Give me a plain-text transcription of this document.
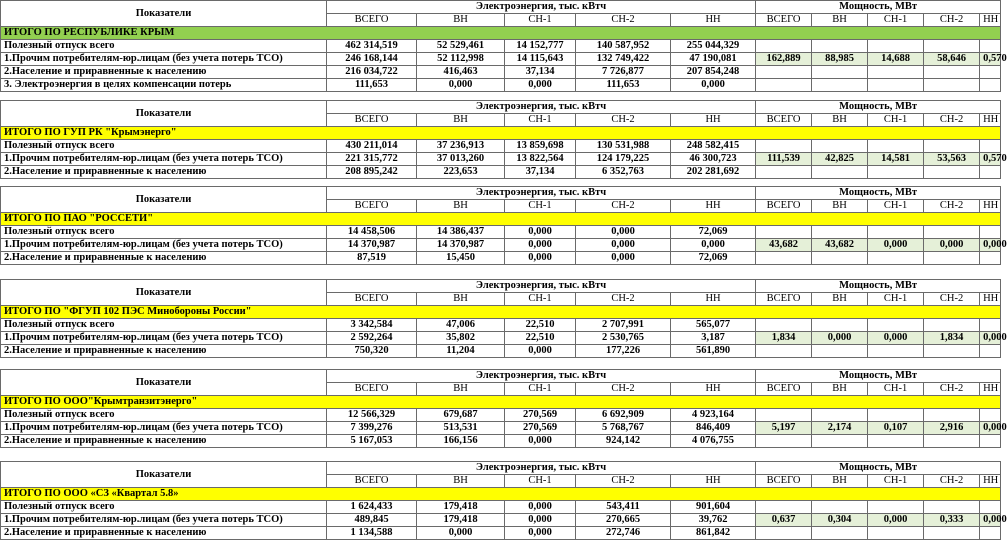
Показатели	Электроэнергия, тыс. кВтч					Мощность, МВт				
	ВСЕГО	ВН	СН-1	СН-2	НН	ВСЕГО	ВН	СН-1	СН-2	НН
ИТОГО ПО РЕСПУБЛИКЕ КРЫМ										
Полезный отпуск всего	462 314,519	52 529,461	14 152,777	140 587,952	255 044,329					
1.Прочим потребителям-юр.лицам (без учета потерь ТСО)	246 168,144	52 112,998	14 115,643	132 749,422	47 190,081	162,889	88,985	14,688	58,646	0,570
2.Население и приравненные к населению	216 034,722	416,463	37,134	7 726,877	207 854,248					
3. Электроэнергия в целях компенсации потерь	111,653	0,000	0,000	111,653	0,000					
Показатели	Электроэнергия, тыс. кВтч					Мощность, МВт				
	ВСЕГО	ВН	СН-1	СН-2	НН	ВСЕГО	ВН	СН-1	СН-2	НН
ИТОГО ПО ГУП РК "Крымэнерго"										
Полезный отпуск всего	430 211,014	37 236,913	13 859,698	130 531,988	248 582,415					
1.Прочим потребителям-юр.лицам (без учета потерь ТСО)	221 315,772	37 013,260	13 822,564	124 179,225	46 300,723	111,539	42,825	14,581	53,563	0,570
2.Население и приравненные к населению	208 895,242	223,653	37,134	6 352,763	202 281,692					
Показатели	Электроэнергия, тыс. кВтч					Мощность, МВт				
	ВСЕГО	ВН	СН-1	СН-2	НН	ВСЕГО	ВН	СН-1	СН-2	НН
ИТОГО ПО ПАО "РОССЕТИ"										
Полезный отпуск всего	14 458,506	14 386,437	0,000	0,000	72,069					
1.Прочим потребителям-юр.лицам (без учета потерь ТСО)	14 370,987	14 370,987	0,000	0,000	0,000	43,682	43,682	0,000	0,000	0,000
2.Население и приравненные к населению	87,519	15,450	0,000	0,000	72,069					
Показатели	Электроэнергия, тыс. кВтч					Мощность, МВт				
	ВСЕГО	ВН	СН-1	СН-2	НН	ВСЕГО	ВН	СН-1	СН-2	НН
ИТОГО ПО "ФГУП 102 ПЭС Минобороны России"										
Полезный отпуск всего	3 342,584	47,006	22,510	2 707,991	565,077					
1.Прочим потребителям-юр.лицам (без учета потерь ТСО)	2 592,264	35,802	22,510	2 530,765	3,187	1,834	0,000	0,000	1,834	0,000
2.Население и приравненные к населению	750,320	11,204	0,000	177,226	561,890					
Показатели	Электроэнергия, тыс. кВтч					Мощность, МВт				
	ВСЕГО	ВН	СН-1	СН-2	НН	ВСЕГО	ВН	СН-1	СН-2	НН
ИТОГО ПО ООО"Крымтранзитэнерго"										
Полезный отпуск всего	12 566,329	679,687	270,569	6 692,909	4 923,164					
1.Прочим потребителям-юр.лицам (без учета потерь ТСО)	7 399,276	513,531	270,569	5 768,767	846,409	5,197	2,174	0,107	2,916	0,000
2.Население и приравненные к населению	5 167,053	166,156	0,000	924,142	4 076,755					
Показатели	Электроэнергия, тыс. кВтч					Мощность, МВт				
	ВСЕГО	ВН	СН-1	СН-2	НН	ВСЕГО	ВН	СН-1	СН-2	НН
ИТОГО ПО ООО «СЗ «Квартал 5.8»										
Полезный отпуск всего	1 624,433	179,418	0,000	543,411	901,604					
1.Прочим потребителям-юр.лицам (без учета потерь ТСО)	489,845	179,418	0,000	270,665	39,762	0,637	0,304	0,000	0,333	0,000
2.Население и приравненные к населению	1 134,588	0,000	0,000	272,746	861,842					
